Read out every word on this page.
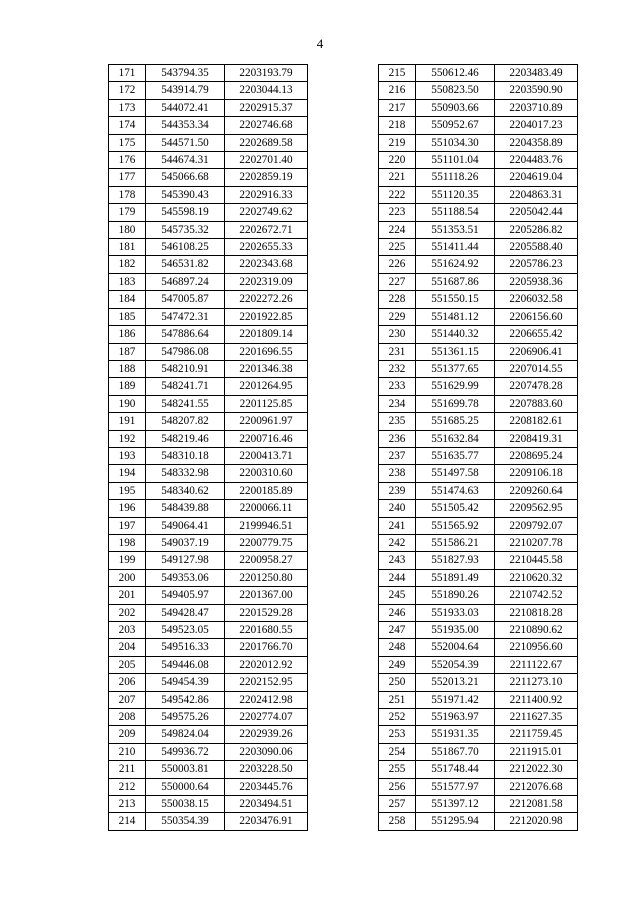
4
171	543794.35	2203193.79
172	543914.79	2203044.13
173	544072.41	2202915.37
174	544353.34	2202746.68
175	544571.50	2202689.58
176	544674.31	2202701.40
177	545066.68	2202859.19
178	545390.43	2202916.33
179	545598.19	2202749.62
180	545735.32	2202672.71
181	546108.25	2202655.33
182	546531.82	2202343.68
183	546897.24	2202319.09
184	547005.87	2202272.26
185	547472.31	2201922.85
186	547886.64	2201809.14
187	547986.08	2201696.55
188	548210.91	2201346.38
189	548241.71	2201264.95
190	548241.55	2201125.85
191	548207.82	2200961.97
192	548219.46	2200716.46
193	548310.18	2200413.71
194	548332.98	2200310.60
195	548340.62	2200185.89
196	548439.88	2200066.11
197	549064.41	2199946.51
198	549037.19	2200779.75
199	549127.98	2200958.27
200	549353.06	2201250.80
201	549405.97	2201367.00
202	549428.47	2201529.28
203	549523.05	2201680.55
204	549516.33	2201766.70
205	549446.08	2202012.92
206	549454.39	2202152.95
207	549542.86	2202412.98
208	549575.26	2202774.07
209	549824.04	2202939.26
210	549936.72	2203090.06
211	550003.81	2203228.50
212	550000.64	2203445.76
213	550038.15	2203494.51
214	550354.39	2203476.91
215	550612.46	2203483.49
216	550823.50	2203590.90
217	550903.66	2203710.89
218	550952.67	2204017.23
219	551034.30	2204358.89
220	551101.04	2204483.76
221	551118.26	2204619.04
222	551120.35	2204863.31
223	551188.54	2205042.44
224	551353.51	2205286.82
225	551411.44	2205588.40
226	551624.92	2205786.23
227	551687.86	2205938.36
228	551550.15	2206032.58
229	551481.12	2206156.60
230	551440.32	2206655.42
231	551361.15	2206906.41
232	551377.65	2207014.55
233	551629.99	2207478.28
234	551699.78	2207883.60
235	551685.25	2208182.61
236	551632.84	2208419.31
237	551635.77	2208695.24
238	551497.58	2209106.18
239	551474.63	2209260.64
240	551505.42	2209562.95
241	551565.92	2209792.07
242	551586.21	2210207.78
243	551827.93	2210445.58
244	551891.49	2210620.32
245	551890.26	2210742.52
246	551933.03	2210818.28
247	551935.00	2210890.62
248	552004.64	2210956.60
249	552054.39	2211122.67
250	552013.21	2211273.10
251	551971.42	2211400.92
252	551963.97	2211627.35
253	551931.35	2211759.45
254	551867.70	2211915.01
255	551748.44	2212022.30
256	551577.97	2212076.68
257	551397.12	2212081.58
258	551295.94	2212020.98
